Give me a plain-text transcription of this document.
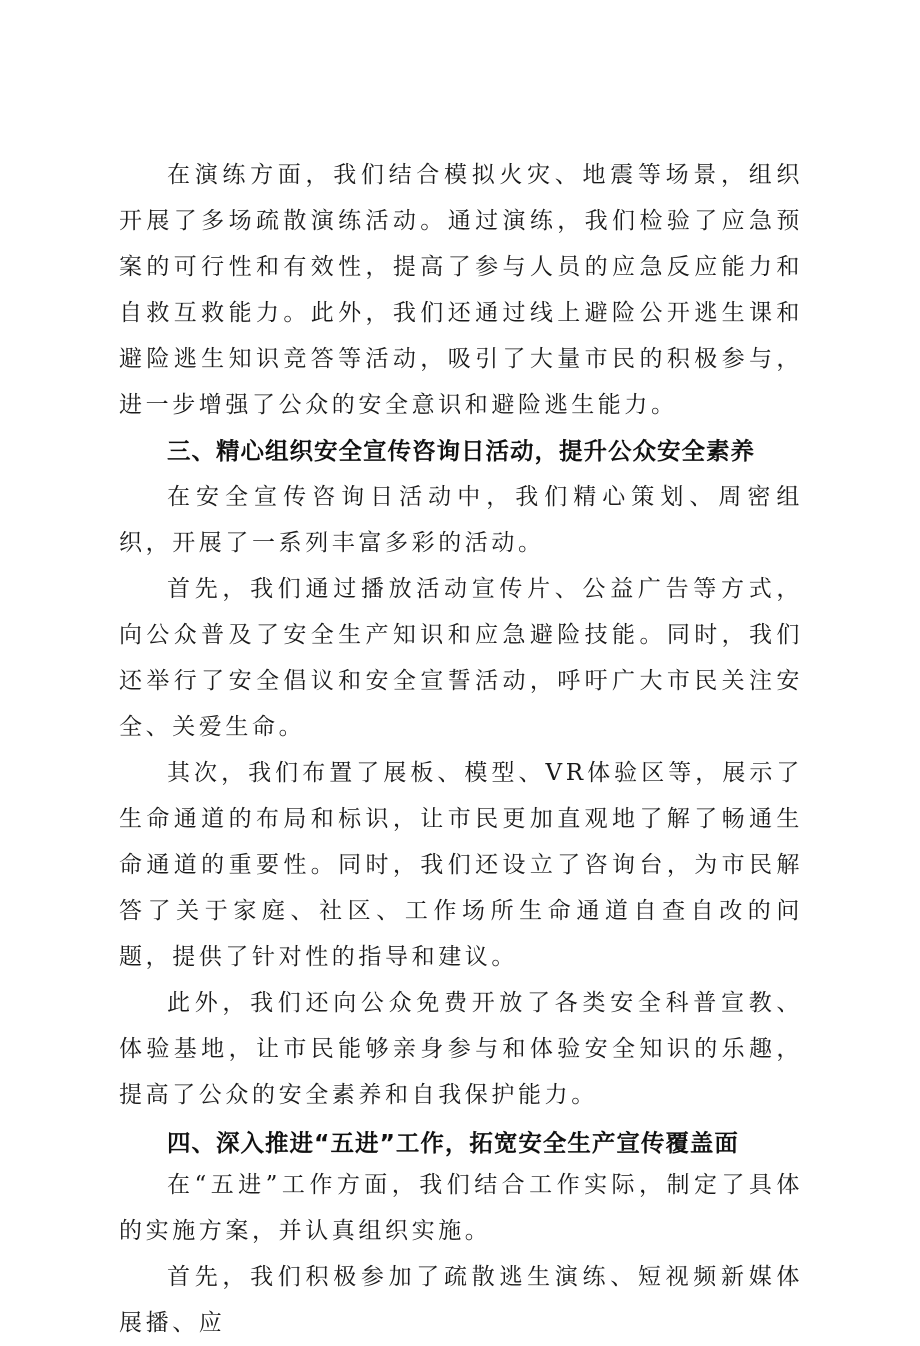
在演练方面，我们结合模拟火灾、地震等场景，组织开展了多场疏散演练活动。通过演练，我们检验了应急预案的可行性和有效性，提高了参与人员的应急反应能力和自救互救能力。此外，我们还通过线上避险公开逃生课和避险逃生知识竞答等活动，吸引了大量市民的积极参与，进一步增强了公众的安全意识和避险逃生能力。

三、精心组织安全宣传咨询日活动，提升公众安全素养

在安全宣传咨询日活动中，我们精心策划、周密组织，开展了一系列丰富多彩的活动。

首先，我们通过播放活动宣传片、公益广告等方式，向公众普及了安全生产知识和应急避险技能。同时，我们还举行了安全倡议和安全宣誓活动，呼吁广大市民关注安全、关爱生命。

其次，我们布置了展板、模型、VR体验区等，展示了生命通道的布局和标识，让市民更加直观地了解了畅通生命通道的重要性。同时，我们还设立了咨询台，为市民解答了关于家庭、社区、工作场所生命通道自查自改的问题，提供了针对性的指导和建议。

此外，我们还向公众免费开放了各类安全科普宣教、体验基地，让市民能够亲身参与和体验安全知识的乐趣，提高了公众的安全素养和自我保护能力。

四、深入推进“五进”工作，拓宽安全生产宣传覆盖面

在“五进”工作方面，我们结合工作实际，制定了具体的实施方案，并认真组织实施。

首先，我们积极参加了疏散逃生演练、短视频新媒体展播、应
